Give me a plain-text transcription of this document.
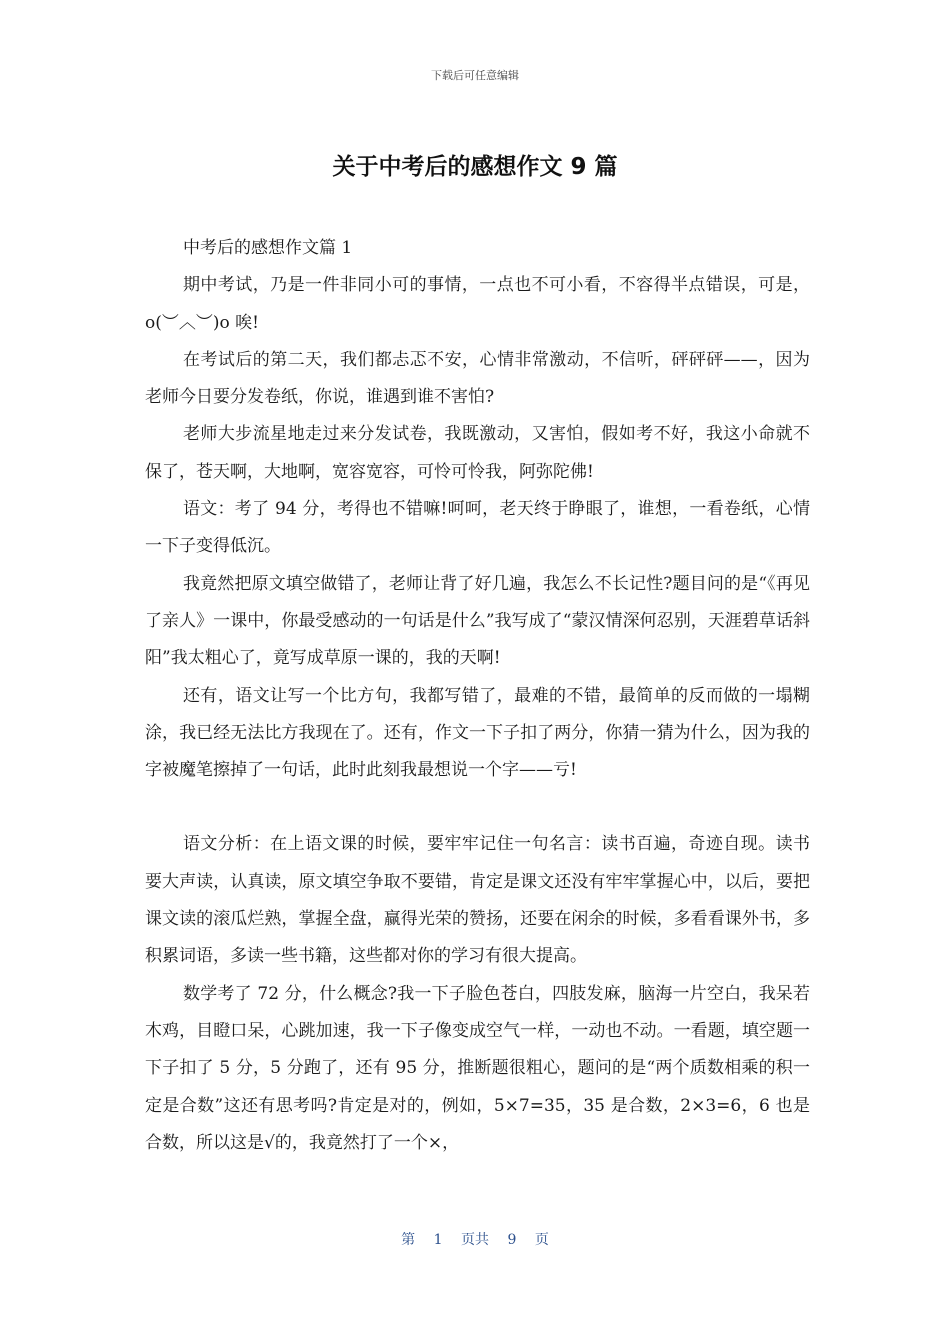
下载后可任意编辑
关于中考后的感想作文 9 篇

中考后的感想作文篇 1

期中考试，乃是一件非同小可的事情，一点也不可小看，不容得半点错误，可是，o(︶︿︶)o 唉!

在考试后的第二天，我们都忐忑不安，心情非常激动，不信听，砰砰砰——，因为老师今日要分发卷纸，你说，谁遇到谁不害怕?

老师大步流星地走过来分发试卷，我既激动，又害怕，假如考不好，我这小命就不保了，苍天啊，大地啊，宽容宽容，可怜可怜我，阿弥陀佛!

语文：考了 94 分，考得也不错嘛!呵呵，老天终于睁眼了，谁想，一看卷纸，心情一下子变得低沉。

我竟然把原文填空做错了，老师让背了好几遍，我怎么不长记性?题目问的是“《再见了亲人》一课中，你最受感动的一句话是什么”我写成了“蒙汉情深何忍别，天涯碧草话斜阳”我太粗心了，竟写成草原一课的，我的天啊!

还有，语文让写一个比方句，我都写错了，最难的不错，最简单的反而做的一塌糊涂，我已经无法比方我现在了。还有，作文一下子扣了两分，你猜一猜为什么，因为我的字被魔笔擦掉了一句话，此时此刻我最想说一个字——亏!

语文分析：在上语文课的时候，要牢牢记住一句名言：读书百遍，奇迹自现。读书要大声读，认真读，原文填空争取不要错，肯定是课文还没有牢牢掌握心中，以后，要把课文读的滚瓜烂熟，掌握全盘，赢得光荣的赞扬，还要在闲余的时候，多看看课外书，多积累词语，多读一些书籍，这些都对你的学习有很大提高。

数学考了 72 分，什么概念?我一下子脸色苍白，四肢发麻，脑海一片空白，我呆若木鸡，目瞪口呆，心跳加速，我一下子像变成空气一样，一动也不动。一看题，填空题一下子扣了 5 分，5 分跑了，还有 95 分，推断题很粗心，题问的是“两个质数相乘的积一定是合数”这还有思考吗?肯定是对的，例如，5×7=35，35 是合数，2×3=6，6 也是合数，所以这是√的，我竟然打了一个×，

第 1 页共 9 页
